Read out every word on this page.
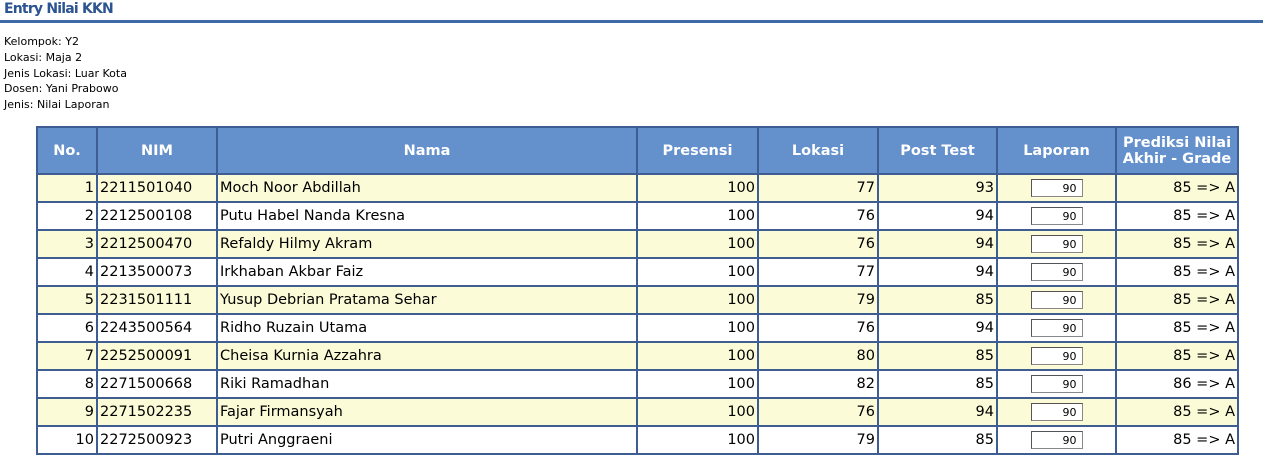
Entry Nilai KKN
Kelompok: Y2
Lokasi: Maja 2
Jenis Lokasi: Luar Kota
Dosen: Yani Prabowo
Jenis: Nilai Laporan
No.	NIM	Nama	Presensi	Lokasi	Post Test	Laporan	Prediksi Nilai Akhir - Grade
1	2211501040	Moch Noor Abdillah	100	77	93	90	85 => A
2	2212500108	Putu Habel Nanda Kresna	100	76	94	90	85 => A
3	2212500470	Refaldy Hilmy Akram	100	76	94	90	85 => A
4	2213500073	Irkhaban Akbar Faiz	100	77	94	90	85 => A
5	2231501111	Yusup Debrian Pratama Sehar	100	79	85	90	85 => A
6	2243500564	Ridho Ruzain Utama	100	76	94	90	85 => A
7	2252500091	Cheisa Kurnia Azzahra	100	80	85	90	85 => A
8	2271500668	Riki Ramadhan	100	82	85	90	86 => A
9	2271502235	Fajar Firmansyah	100	76	94	90	85 => A
10	2272500923	Putri Anggraeni	100	79	85	90	85 => A
